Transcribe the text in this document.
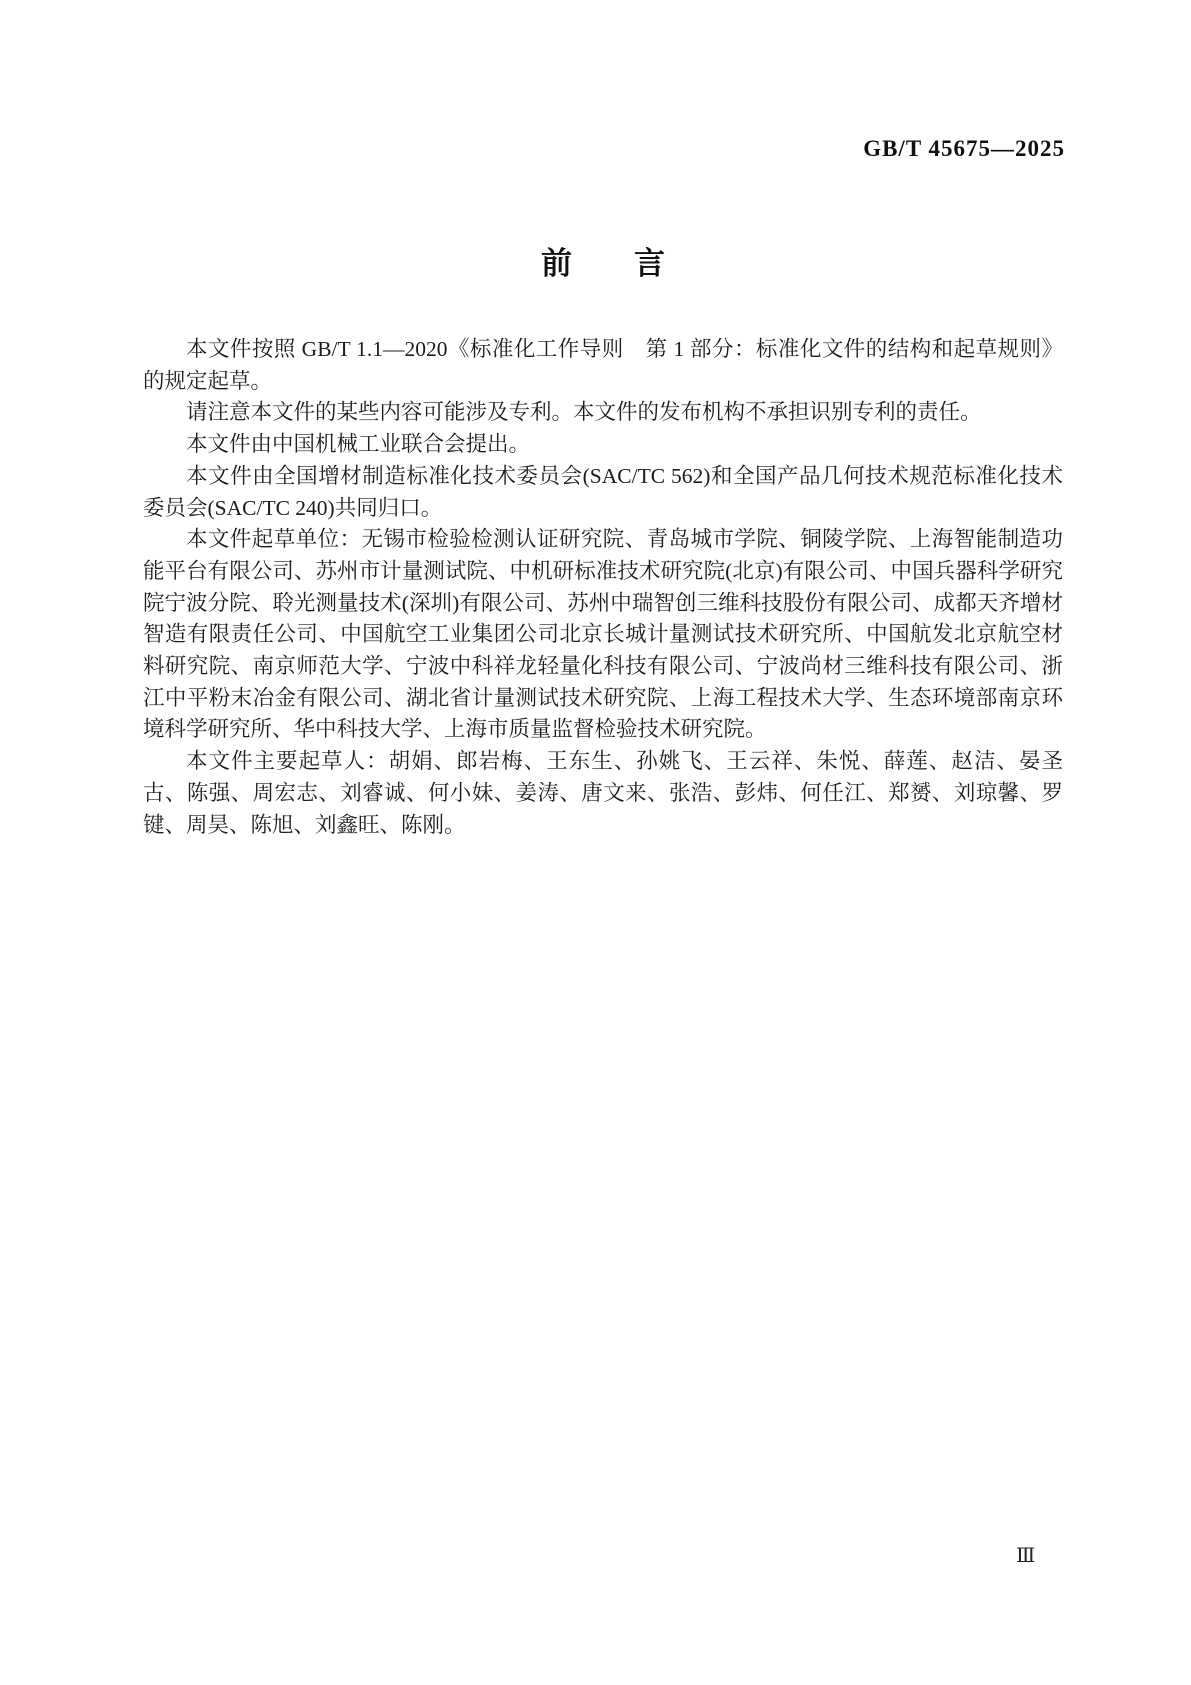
GB/T 45675—2025
前　　言

本文件按照 GB/T 1.1—2020《标准化工作导则　第 1 部分：标准化文件的结构和起草规则》的规定起草。

请注意本文件的某些内容可能涉及专利。本文件的发布机构不承担识别专利的责任。

本文件由中国机械工业联合会提出。

本文件由全国增材制造标准化技术委员会(SAC/TC 562)和全国产品几何技术规范标准化技术委员会(SAC/TC 240)共同归口。

本文件起草单位：无锡市检验检测认证研究院、青岛城市学院、铜陵学院、上海智能制造功能平台有限公司、苏州市计量测试院、中机研标准技术研究院(北京)有限公司、中国兵器科学研究院宁波分院、聆光测量技术(深圳)有限公司、苏州中瑞智创三维科技股份有限公司、成都天齐增材智造有限责任公司、中国航空工业集团公司北京长城计量测试技术研究所、中国航发北京航空材料研究院、南京师范大学、宁波中科祥龙轻量化科技有限公司、宁波尚材三维科技有限公司、浙江中平粉末冶金有限公司、湖北省计量测试技术研究院、上海工程技术大学、生态环境部南京环境科学研究所、华中科技大学、上海市质量监督检验技术研究院。

本文件主要起草人：胡娟、郎岩梅、王东生、孙姚飞、王云祥、朱悦、薛莲、赵洁、晏圣古、陈强、周宏志、刘睿诚、何小妹、姜涛、唐文来、张浩、彭炜、何任江、郑赟、刘琼馨、罗键、周昊、陈旭、刘鑫旺、陈刚。

Ⅲ
